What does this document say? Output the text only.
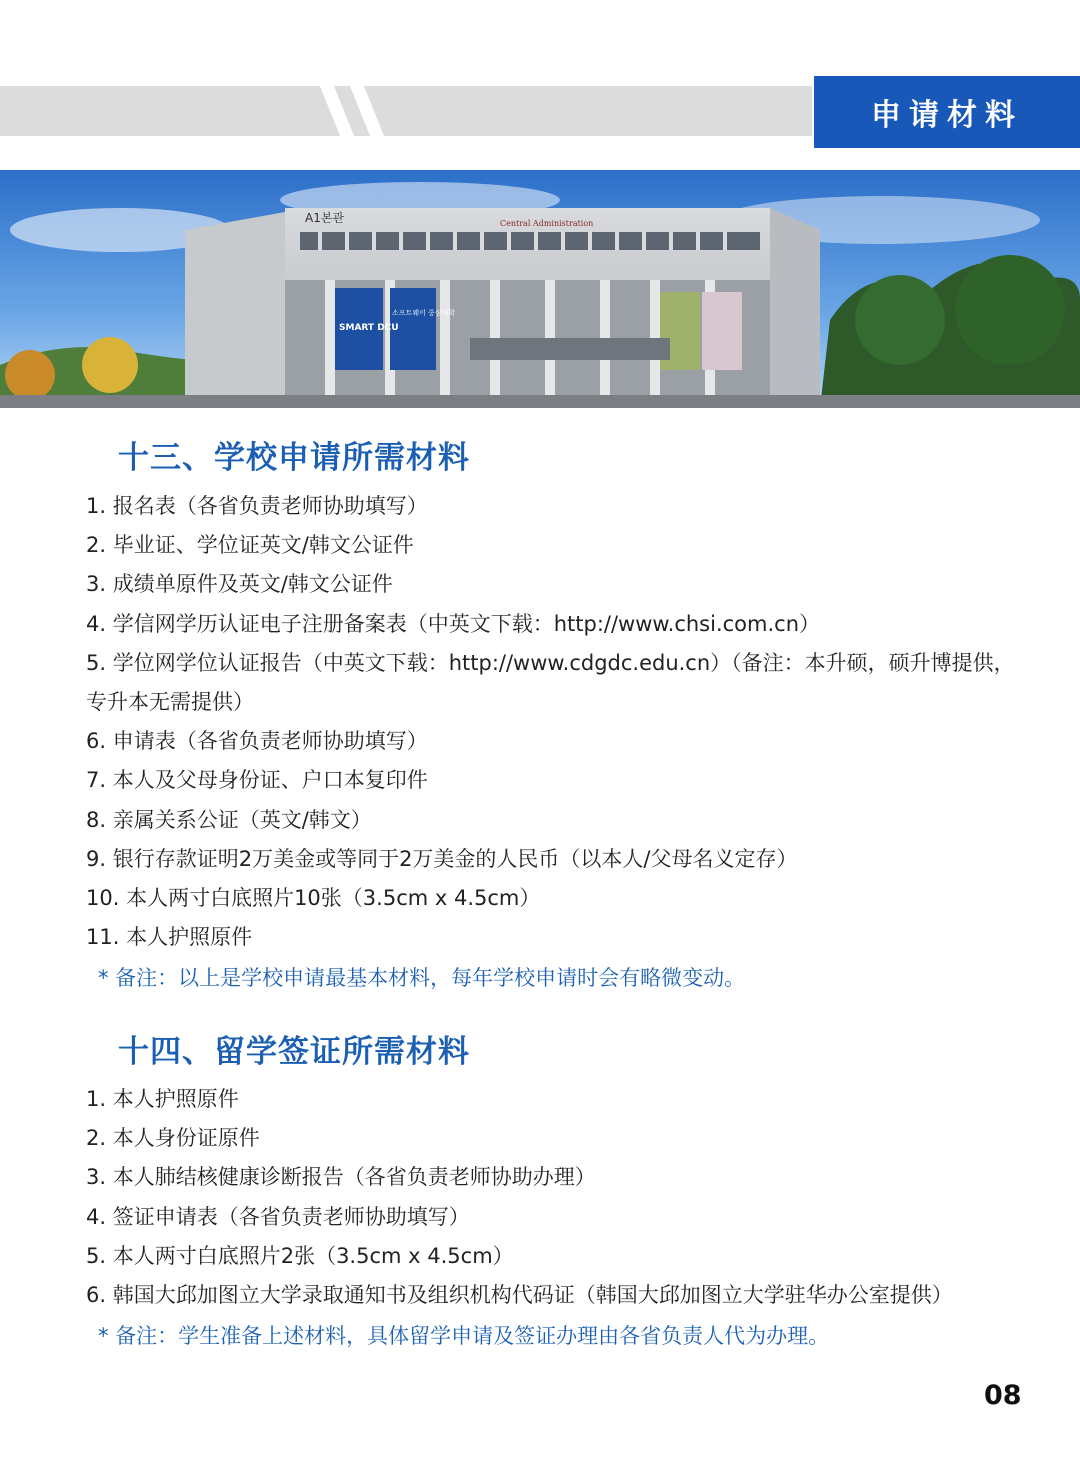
申请材料
A1본관	Central Administration
SMART DCU
소프트웨이 중심대학
十三、学校申请所需材料
1. 报名表（各省负责老师协助填写）
2. 毕业证、学位证英文/韩文公证件
3. 成绩单原件及英文/韩文公证件
4. 学信网学历认证电子注册备案表（中英文下载：http://www.chsi.com.cn）
5. 学位网学位认证报告（中英文下载：http://www.cdgdc.edu.cn）（备注：本升硕，硕升博提供，专升本无需提供）
6. 申请表（各省负责老师协助填写）
7. 本人及父母身份证、户口本复印件
8. 亲属关系公证（英文/韩文）
9. 银行存款证明2万美金或等同于2万美金的人民币（以本人/父母名义定存）
10. 本人两寸白底照片10张（3.5cm x 4.5cm）
11. 本人护照原件
* 备注：以上是学校申请最基本材料，每年学校申请时会有略微变动。
十四、留学签证所需材料
1. 本人护照原件
2. 本人身份证原件
3. 本人肺结核健康诊断报告（各省负责老师协助办理）
4. 签证申请表（各省负责老师协助填写）
5. 本人两寸白底照片2张（3.5cm x 4.5cm）
6. 韩国大邱加图立大学录取通知书及组织机构代码证（韩国大邱加图立大学驻华办公室提供）
* 备注：学生准备上述材料，具体留学申请及签证办理由各省负责人代为办理。
08
